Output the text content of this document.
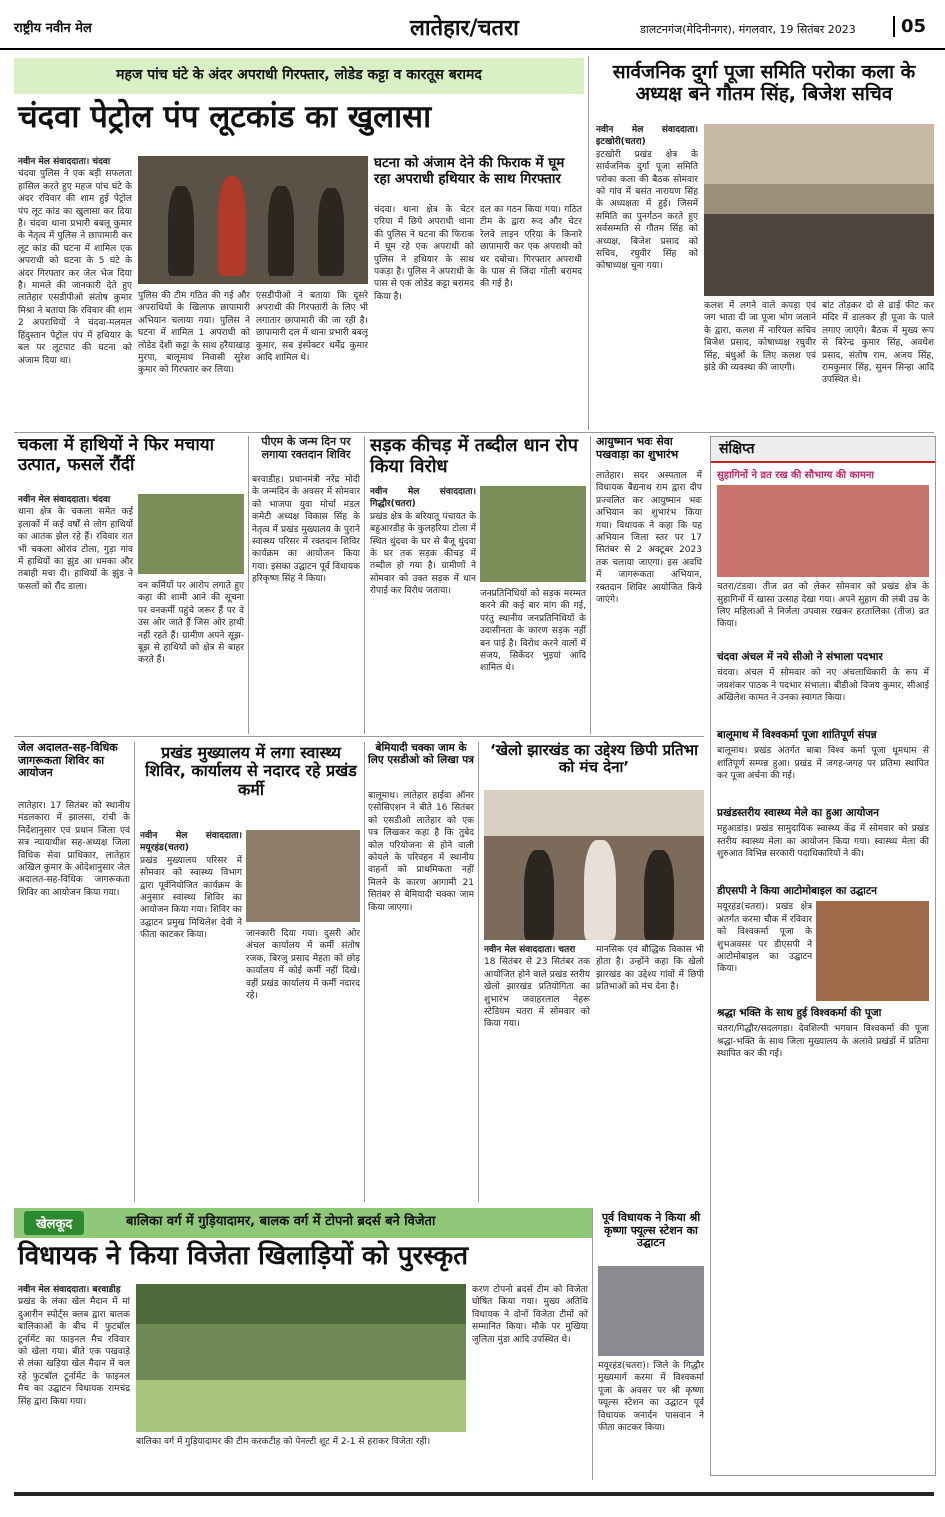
राष्ट्रीय नवीन मेल	लातेहार/चतरा	डालटनगंज(मेदिनीनगर), मंगलवार, 19 सितंबर 2023	05
महज पांच घंटे के अंदर अपराधी गिरफ्तार, लोडेड कट्टा व कारतूस बरामद
चंदवा पेट्रोल पंप लूटकांड का खुलासा
नवीन मेल संवाददाता। चंदवा
चंदवा पुलिस ने एक बड़ी सफलता हासिल करते हुए महज पांच घंटे के अंदर रविवार की शाम हुई पेट्रोल पंप लूट कांड का खुलासा कर दिया है। चंदवा थाना प्रभारी बबलू कुमार के नेतृत्व में पुलिस ने छापामारी कर लूट कांड की घटना में शामिल एक अपराधी को घटना के 5 घंटे के अंदर गिरफ्तार कर जेल भेज दिया है। मामले की जानकारी देते हुए लातेहार एसडीपीओ संतोष कुमार मिश्रा ने बताया कि रविवार की शाम 2 अपराधियों ने चंदवा-मलमल हिंदुस्तान पेट्रोल पंप में हथियार के बल पर लूटपाट की घटना को अंजाम दिया था।
पुलिस की टीम गठित की गई और अपराधियों के खिलाफ छापामारी अभियान चलाया गया। पुलिस ने घटना में शामिल 1 अपराधी को लोडेड देशी कट्टा के साथ हरैयाखाड़ मुरपा, बालूमाथ निवासी सुरेश कुमार को गिरफ्तार कर लिया।
एसडीपीओ ने बताया कि दूसरे अपराधी की गिरफ्तारी के लिए भी लगातार छापामारी की जा रही है। छापामारी दल में थाना प्रभारी बबलू कुमार, सब इंस्पेक्टर धर्मेंद्र कुमार आदि शामिल थे।
घटना को अंजाम देने की फिराक में घूम रहा अपराधी हथियार के साथ गिरफ्तार
चंदवा। थाना क्षेत्र के चेटर एरिया में छिपे अपराधी थाना की पुलिस ने घटना की फिराक में घूम रहे एक अपराधी को पुलिस ने हथियार के साथ पकड़ा है। पुलिस ने अपराधी के पास से एक लोडेड कट्टा बरामद किया है।
दल का गठन किया गया। गठित टीम के द्वारा रूद और चेटर रेलवे लाइन एरिया के किनारे छापामारी कर एक अपराधी को धर दबोचा। गिरफ्तार अपराधी के पास से जिंदा गोली बरामद की गई है।
सार्वजनिक दुर्गा पूजा समिति परोका कला के अध्यक्ष बने गौतम सिंह, बिजेश सचिव
नवीन मेल संवाददाता। इटखोरी(चतरा)
इटखोरी प्रखंड क्षेत्र के सार्वजनिक दुर्गा पूजा समिति परोका कला की बैठक सोमवार को गांव में बसंत नारायण सिंह के अध्यक्षता में हुई। जिसमें समिति का पुनर्गठन करते हुए सर्वसम्मति से गौतम सिंह को अध्यक्ष, बिजेश प्रसाद को सचिव, रघुवीर सिंह को कोषाध्यक्ष चुना गया।
कलश में लगने वाले कपड़ा एवं जग भाता दी जा पूजा भोग जलाने के द्वारा, कलश में नारियल सचिव बिजेश प्रसाद, कोषाध्यक्ष रघुवीर सिंह, बंधुओं के लिए कलश एवं झंडे की व्यवस्था की जाएगी।
बांट तोड़कर दो से ढाई फीट कर मंदिर में डालकर ही पूजा के पाले लगाए जाएंगे। बैठक में मुख्य रूप से बिरेन्द्र कुमार सिंह, अवधेश प्रसाद, संतोष राम, अजय सिंह, रामकुमार सिंह, सुमन सिन्हा आदि उपस्थित थे।
चकला में हाथियों ने फिर मचाया उत्पात, फसलें रौंदीं
नवीन मेल संवाददाता। चंदवा
थाना क्षेत्र के चकला समेत कई इलाकों में कई वर्षों से लोग हाथियों का आतंक झेल रहे हैं। रविवार रात भी चकला ओरांव टोला, गुड़ा गांव में हाथियों का झुंड आ धमका और तबाही मचा दी। हाथियों के झुंड ने फसलों को रौंद डाला।	वन कर्मियों पर आरोप लगाते हुए कहा की शामी आने की सूचना पर वनकर्मी पहुंचे जरूर हैं पर वे उस ओर जाते हैं जिस ओर हाथी नहीं रहते हैं। ग्रामीण अपने सूझ-बूझ से हाथियों को क्षेत्र से बाहर करते हैं।
पीएम के जन्म दिन पर लगाया रक्तदान शिविर
बरवाडीह। प्रधानमंत्री नरेंद्र मोदी के जन्मदिन के अवसर में सोमवार को भाजपा युवा मोर्चा मंडल कमेटी अध्यक्ष विकास सिंह के नेतृत्व में प्रखंड मुख्यालय के पुराने स्वास्थ्य परिसर में रक्तदान शिविर कार्यक्रम का आयोजन किया गया। इसका उद्घाटन पूर्व विधायक हरिकृष्ण सिंह ने किया।
सड़क कीचड़ में तब्दील धान रोप किया विरोध
नवीन मेल संवाददाता। गिद्धौर(चतरा)
प्रखंड क्षेत्र के बरियातू पंचायत के बहुआरडीह के कुलहरिया टोला में स्थित धुंदवा के घर से बैजू धुंदवा के घर तक सड़क कीचड़ में तब्दील हो गया है। ग्रामीणों ने सोमवार को उक्त सड़क में धान रोपाई कर विरोध जताया।	जनप्रतिनिधियों को सड़क मरम्मत करने की कई बार मांग की गई, परंतु स्थानीय जनप्रतिनिधियों के उदासीनता के कारण सड़क नहीं बन पाई है। विरोध करने वालों में संजय, सिकेंदर भुइयां आदि शामिल थे।
आयुष्मान भवः सेवा पखवाड़ा का शुभारंभ
लातेहार। सदर अस्पताल में विधायक बैद्यनाथ राम द्वारा दीप प्रज्वलित कर आयुष्मान भवः अभियान का शुभारंभ किया गया। विधायक ने कहा कि यह अभियान जिला स्तर पर 17 सितंबर से 2 अक्टूबर 2023 तक चलाया जाएगा। इस अवधि में जागरूकता अभियान, रक्तदान शिविर आयोजित किये जाएंगे।
संक्षिप्त
सुहागिनों ने व्रत रख की सौभाग्य की कामना
चतरा/टंडवा। तीज व्रत को लेकर सोमवार को प्रखंड क्षेत्र के सुहागिनों में खासा उत्साह देखा गया। अपने सुहाग की लंबी उम्र के लिए महिलाओं ने निर्जला उपवास रखकर हरतालिका (तीज) व्रत किया।
चंदवा अंचल में नये सीओ ने संभाला पदभार
चंदवा। अंचल में सोमवार को नए अंचलाधिकारी के रूप में जयशंकर पाठक ने पदभार संभाला। बीडीओ विजय कुमार, सीआई अखिलेश कामत ने उनका स्वागत किया।
बालूमाथ में विश्वकर्मा पूजा शांतिपूर्ण संपन्न
बालूमाथ। प्रखंड अंतर्गत बाबा विश्व कर्मा पूजा धूमधाम से शांतिपूर्ण सम्पन्न हुआ। प्रखंड में जगह-जगह पर प्रतिमा स्थापित कर पूजा अर्चना की गई।
प्रखंडस्तरीय स्वास्थ्य मेले का हुआ आयोजन
महुआडांड़। प्रखंड सामुदायिक स्वास्थ्य केंद्र में सोमवार को प्रखंड स्तरीय स्वास्थ्य मेला का आयोजन किया गया। स्वास्थ्य मेला की शुरुआत विभिन्न सरकारी पदाधिकारियों ने की।
डीएसपी ने किया आटोमोबाइल का उद्घाटन
मयूरहंड(चतरा)। प्रखंड क्षेत्र अंतर्गत करमा चौक में रविवार को विश्वकर्मा पूजा के शुभअवसर पर डीएसपी ने आटोमोबाइल का उद्घाटन किया।
श्रद्धा भक्ति के साथ हुई विश्वकर्मा की पूजा
चतरा/गिद्धौर/सदलगड़ा। देवशिल्पी भगवान विश्वकर्मा की पूजा श्रद्धा-भक्ति के साथ जिला मुख्यालय के अलावे प्रखंडों में प्रतिमा स्थापित कर की गई।
जेल अदालत-सह-विधिक जागरूकता शिविर का आयोजन
लातेहार। 17 सितंबर को स्थानीय मंडलकारा में झालसा, रांची के निर्देशानुसार एवं प्रधान जिला एवं सत्र न्यायाधीश सह-अध्यक्ष जिला विधिक सेवा प्राधिकार, लातेहार अखिल कुमार के ओदेशानुसार जेल अदालत-सह-विधिक जागरूकता शिविर का आयोजन किया गया।
प्रखंड मुख्यालय में लगा स्वास्थ्य शिविर, कार्यालय से नदारद रहे प्रखंड कर्मी
नवीन मेल संवाददाता। मयूरहंड(चतरा)
प्रखंड मुख्यालय परिसर में सोमवार को स्वास्थ्य विभाग द्वारा पूर्वनियोजित कार्यक्रम के अनुसार स्वास्थ्य शिविर का आयोजन किया गया। शिविर का उद्घाटन प्रमुख मिथिलेश देवी ने फीता काटकर किया।	जानकारी दिया गया। दुसरी ओर अंचल कार्यालय में कर्मी संतोष रजक, बिरजु प्रसाद मेहता को छोड़ कार्यालय में कोई कर्मी नहीं दिखे। वहीं प्रखंड कार्यालय में कर्मी नदारद रहे।
बेमियादी चक्का जाम के लिए एसडीओ को लिखा पत्र
बालूमाथ। लातेहार हाईवा ऑनर एसोसिएशन ने बीते 16 सितंबर को एसडीओ लातेहार को एक पत्र लिखकर कहा है कि तुबेद कोल परियोजना से होने वाली कोयले के परिवहन में स्थानीय वाहनों को प्राथमिकता नहीं मिलने के कारण आगामी 21 सितंबर से बेमियादी चक्का जाम किया जाएगा।
‘खेलो झारखंड का उद्देश्य छिपी प्रतिभा को मंच देना’
नवीन मेल संवाददाता। चतरा
18 सितंबर से 23 सितंबर तक आयोजित होने वाले प्रखंड स्तरीय खेलो झारखंड प्रतियोगिता का शुभारंभ जवाहरलाल नेहरू स्टेडियम चतरा में सोमवार को किया गया।
मानसिक एवं बौद्धिक विकास भी होता है। उन्होंने कहा कि खेलो झारखंड का उद्देश्य गांवों में छिपी प्रतिभाओं को मंच देना है।
खेलकूद	बालिका वर्ग में गुड़ियादामर, बालक वर्ग में टोपनो ब्रदर्स बने विजेता
विधायक ने किया विजेता खिलाड़ियों को पुरस्कृत
नवीन मेल संवाददाता। बरवाडीह
प्रखंड के लंका खेल मैदान में मां दुआरीन स्पोर्ट्स क्लब द्वारा बालक बालिकाओं के बीच में फुटबॉल टूर्नामेंट का फाइनल मैच रविवार को खेला गया। बीते एक पखवाड़े से लंका खड़िया खेल मैदान में चल रहे फुटबॉल टूर्नामेंट के फाइनल मैच का उद्घाटन विधायक रामचंद्र सिंह द्वारा किया गया।
बालिका वर्ग में गुड़ियादामर की टीम करकटीह को पेनल्टी शूट में 2-1 से हराकर विजेता रही।
करण टोपनो ब्रदर्स टीम को विजेता घोषित किया गया। मुख्य अतिथि विधायक ने दोनों विजेता टीमों को सम्मानित किया। मौके पर मुखिया जुलिता मुंडा आदि उपस्थित थे।
पूर्व विधायक ने किया श्री कृष्णा फ्यूल्स स्टेशन का उद्घाटन
मयूरहंड(चतरा)। जिले के गिद्धौर मुख्यमार्ग करमा में विश्वकर्मा पूजा के अवसर पर श्री कृष्णा फ्यूल्स स्टेशन का उद्घाटन पूर्व विधायक जनार्दन पासवान ने फीता काटकर किया।
